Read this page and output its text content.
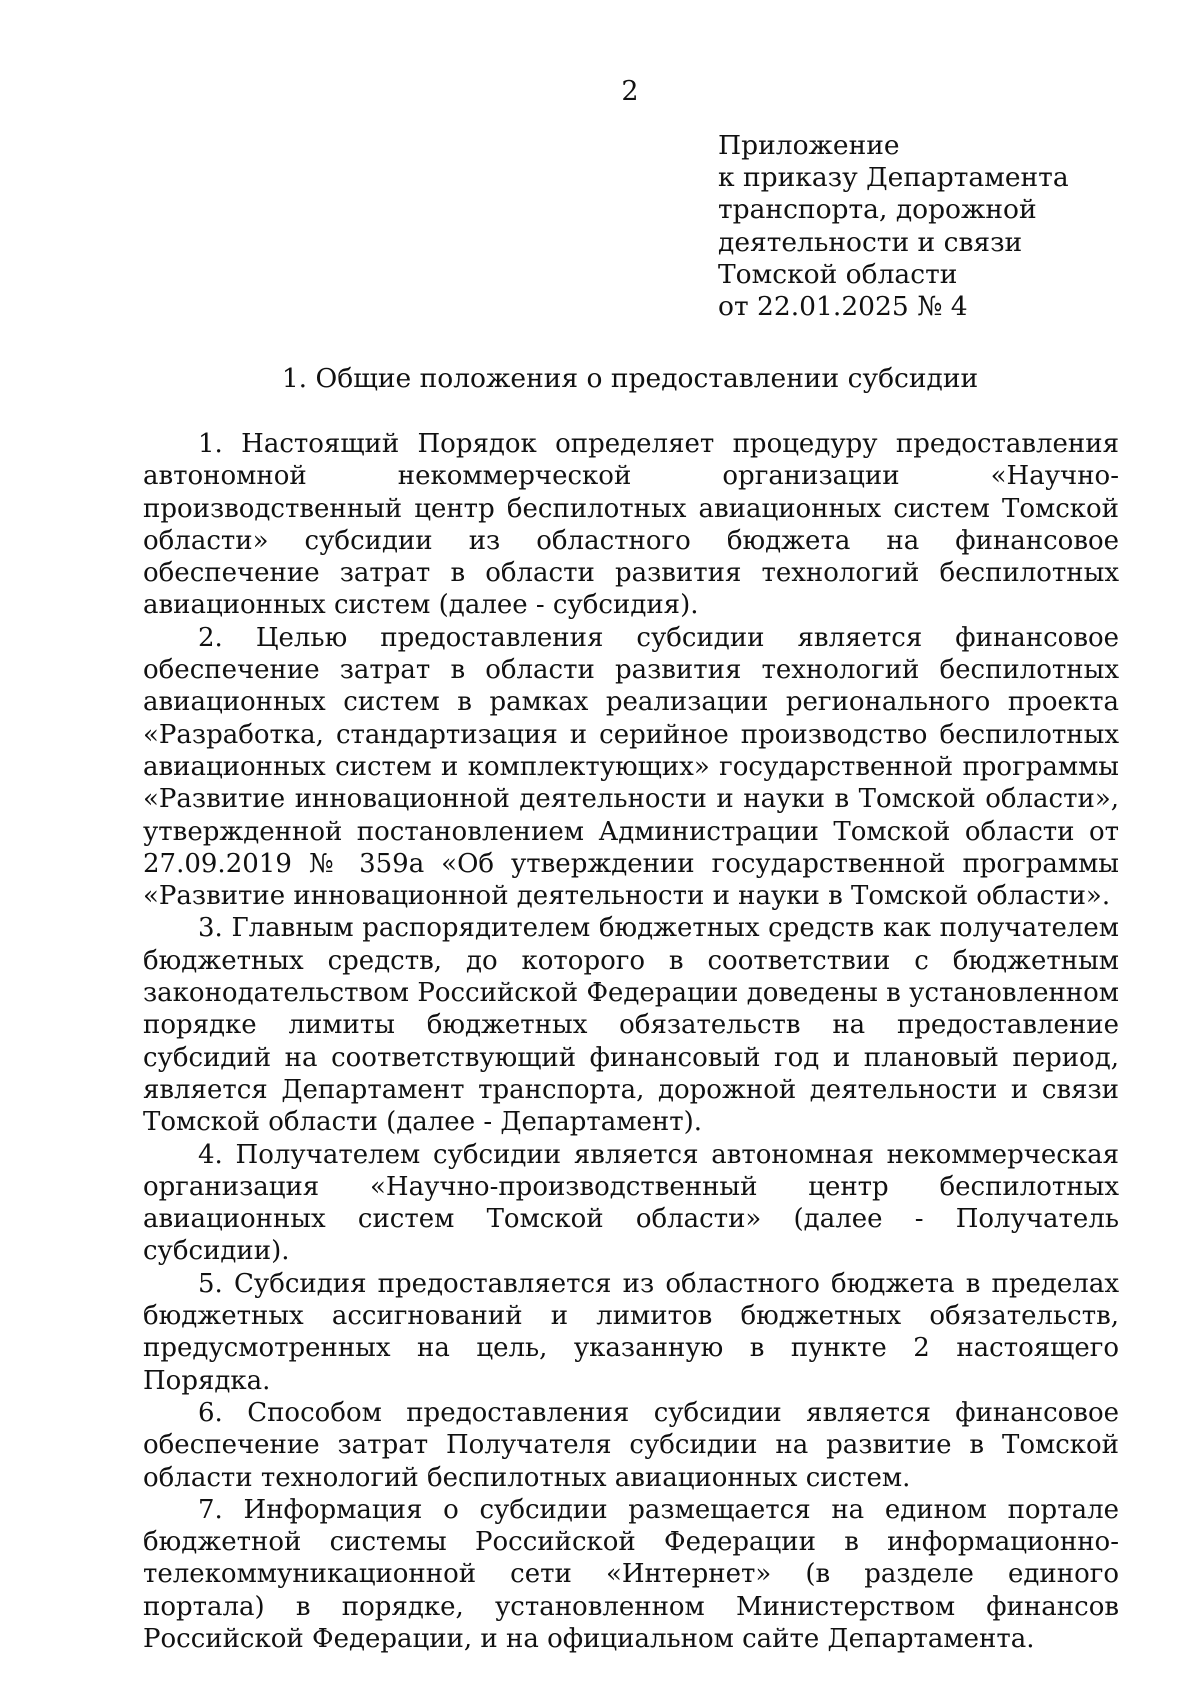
2
Приложение
к приказу Департамента
транспорта, дорожной
деятельности и связи
Томской области
от 22.01.2025 № 4
1. Общие положения о предоставлении субсидии

1. Настоящий Порядок определяет процедуру предоставления автономной некоммерческой организации «Научно-производственный центр беспилотных авиационных систем Томской области» субсидии из областного бюджета на финансовое обеспечение затрат в области развития технологий беспилотных авиационных систем (далее - субсидия).

2. Целью предоставления субсидии является финансовое обеспечение затрат в области развития технологий беспилотных авиационных систем в рамках реализации регионального проекта «Разработка, стандартизация и серийное производство беспилотных авиационных систем и комплектующих» государственной программы «Развитие инновационной деятельности и науки в Томской области», утвержденной постановлением Администрации Томской области от 27.09.2019 № 359а «Об утверждении государственной программы «Развитие инновационной деятельности и науки в Томской области».

3. Главным распорядителем бюджетных средств как получателем бюджетных средств, до которого в соответствии с бюджетным законодательством Российской Федерации доведены в установленном порядке лимиты бюджетных обязательств на предоставление субсидий на соответствующий финансовый год и плановый период, является Департамент транспорта, дорожной деятельности и связи Томской области (далее - Департамент).

4. Получателем субсидии является автономная некоммерческая организация «Научно-производственный центр беспилотных авиационных систем Томской области» (далее - Получатель субсидии).

5. Субсидия предоставляется из областного бюджета в пределах бюджетных ассигнований и лимитов бюджетных обязательств, предусмотренных на цель, указанную в пункте 2 настоящего Порядка.

6. Способом предоставления субсидии является финансовое обеспечение затрат Получателя субсидии на развитие в Томской области технологий беспилотных авиационных систем.

7. Информация о субсидии размещается на едином портале бюджетной системы Российской Федерации в информационно-телекоммуникационной сети «Интернет» (в разделе единого портала) в порядке, установленном Министерством финансов Российской Федерации, и на официальном сайте Департамента.
